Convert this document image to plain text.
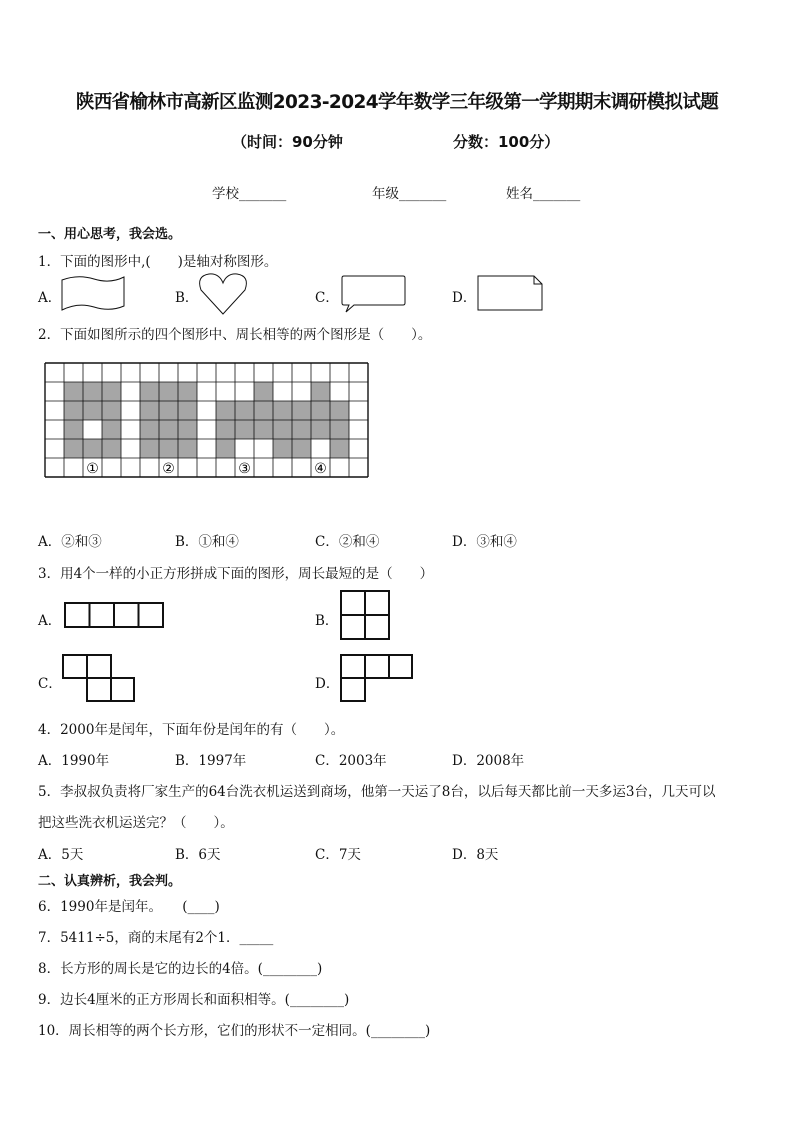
陕西省榆林市高新区监测2023-2024学年数学三年级第一学期期末调研模拟试题
（时间：90分钟	分数：100分）
学校_______	年级_______	姓名_______
一、用心思考，我会选。
1．下面的图形中,(　　)是轴对称图形。
A．	B．	C．	D．
2．下面如图所示的四个图形中、周长相等的两个图形是（　　）。
①	②	③	④
A．②和③	B．①和④	C．②和④	D．③和④
3．用4个一样的小正方形拼成下面的图形，周长最短的是（　　）
A．	B．
C．	D．
4．2000年是闰年，下面年份是闰年的有（　　）。
A．1990年	B．1997年	C．2003年	D．2008年
5．李叔叔负责将厂家生产的64台洗衣机运送到商场，他第一天运了8台，以后每天都比前一天多运3台，几天可以
把这些洗衣机运送完？（　　）。
A．5天	B．6天	C．7天	D．8天
二、认真辨析，我会判。
6．1990年是闰年。　　(____)
7．5411÷5，商的末尾有2个1．_____
8．长方形的周长是它的边长的4倍。(________)
9．边长4厘米的正方形周长和面积相等。(________)
10．周长相等的两个长方形，它们的形状不一定相同。(________)
